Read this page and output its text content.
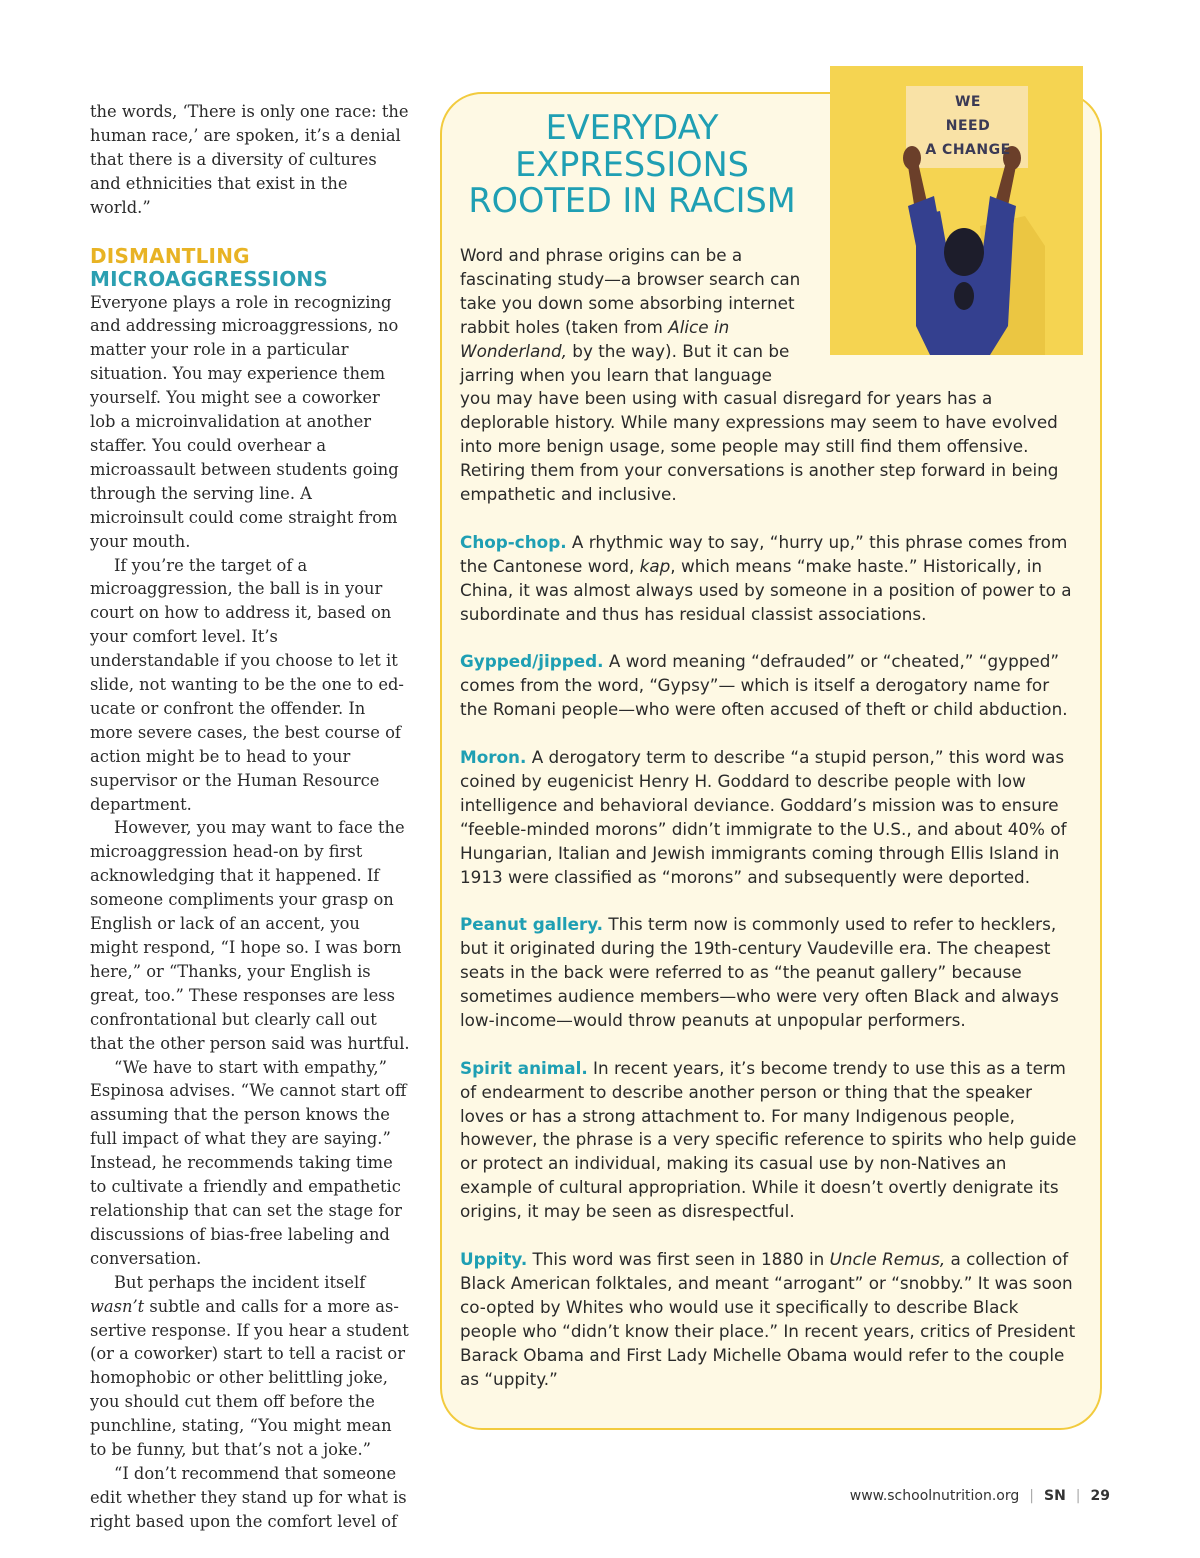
the words, ‘There is only one race: the human race,’ are spoken, it’s a denial that there is a diversity of cultures and ethnicities that exist in the world.”

DISMANTLING
MICROAGGRESSIONS

Everyone plays a role in recognizing and addressing microaggressions, no matter your role in a particular situation. You may experience them yourself. You might see a coworker lob a microinvalidation at another staffer. You could overhear a microassault between students going through the serving line. A microinsult could come straight from your mouth.

If you’re the target of a microaggression, the ball is in your court on how to address it, based on your comfort level. It’s understandable if you choose to let it slide, not wanting to be the one to educate or confront the offender. In more severe cases, the best course of action might be to head to your supervisor or the Human Resource department.

However, you may want to face the microaggression head-on by first acknowledging that it happened. If someone compliments your grasp on English or lack of an accent, you might respond, “I hope so. I was born here,” or “Thanks, your English is great, too.” These responses are less confrontational but clearly call out that the other person said was hurtful.

“We have to start with empathy,” Espinosa advises. “We cannot start off assuming that the person knows the full impact of what they are saying.” Instead, he recommends taking time to cultivate a friendly and empathetic relationship that can set the stage for discussions of bias-free labeling and conversation.

But perhaps the incident itself wasn’t subtle and calls for a more assertive response. If you hear a student (or a coworker) start to tell a racist or homophobic or other belittling joke, you should cut them off before the punchline, stating, “You might mean to be funny, but that’s not a joke.”

“I don’t recommend that someone edit whether they stand up for what is right based upon the comfort level of

EVERYDAY
EXPRESSIONS
ROOTED IN RACISM

Word and phrase origins can be a fascinating study—a browser search can take you down some absorbing internet rabbit holes (taken from Alice in Wonderland, by the way). But it can be jarring when you learn that language you may have been using with casual disregard for years has a deplorable history. While many expressions may seem to have evolved into more benign usage, some people may still find them offensive. Retiring them from your conversations is another step forward in being empathetic and inclusive.

Chop-chop. A rhythmic way to say, “hurry up,” this phrase comes from the Cantonese word, kap, which means “make haste.” Historically, in China, it was almost always used by someone in a position of power to a subordinate and thus has residual classist associations.

Gypped/jipped. A word meaning “defrauded” or “cheated,” “gypped” comes from the word, “Gypsy”— which is itself a derogatory name for the Romani people—who were often accused of theft or child abduction.

Moron. A derogatory term to describe “a stupid person,” this word was coined by eugenicist Henry H. Goddard to describe people with low intelligence and behavioral deviance. Goddard’s mission was to ensure “feeble-minded morons” didn’t immigrate to the U.S., and about 40% of Hungarian, Italian and Jewish immigrants coming through Ellis Island in 1913 were classified as “morons” and subsequently were deported.

Peanut gallery. This term now is commonly used to refer to hecklers, but it originated during the 19th-century Vaudeville era. The cheapest seats in the back were referred to as “the peanut gallery” because sometimes audience members—who were very often Black and always low-income—would throw peanuts at unpopular performers.

Spirit animal. In recent years, it’s become trendy to use this as a term of endearment to describe another person or thing that the speaker loves or has a strong attachment to. For many Indigenous people, however, the phrase is a very specific reference to spirits who help guide or protect an individual, making its casual use by non-Natives an example of cultural appropriation. While it doesn’t overtly denigrate its origins, it may be seen as disrespectful.

Uppity. This word was first seen in 1880 in Uncle Remus, a collection of Black American folktales, and meant “arrogant” or “snobby.” It was soon co-opted by Whites who would use it specifically to describe Black people who “didn’t know their place.” In recent years, critics of President Barack Obama and First Lady Michelle Obama would refer to the couple as “uppity.”

WE
NEED
A CHANGE
www.schoolnutrition.org | SN | 29
